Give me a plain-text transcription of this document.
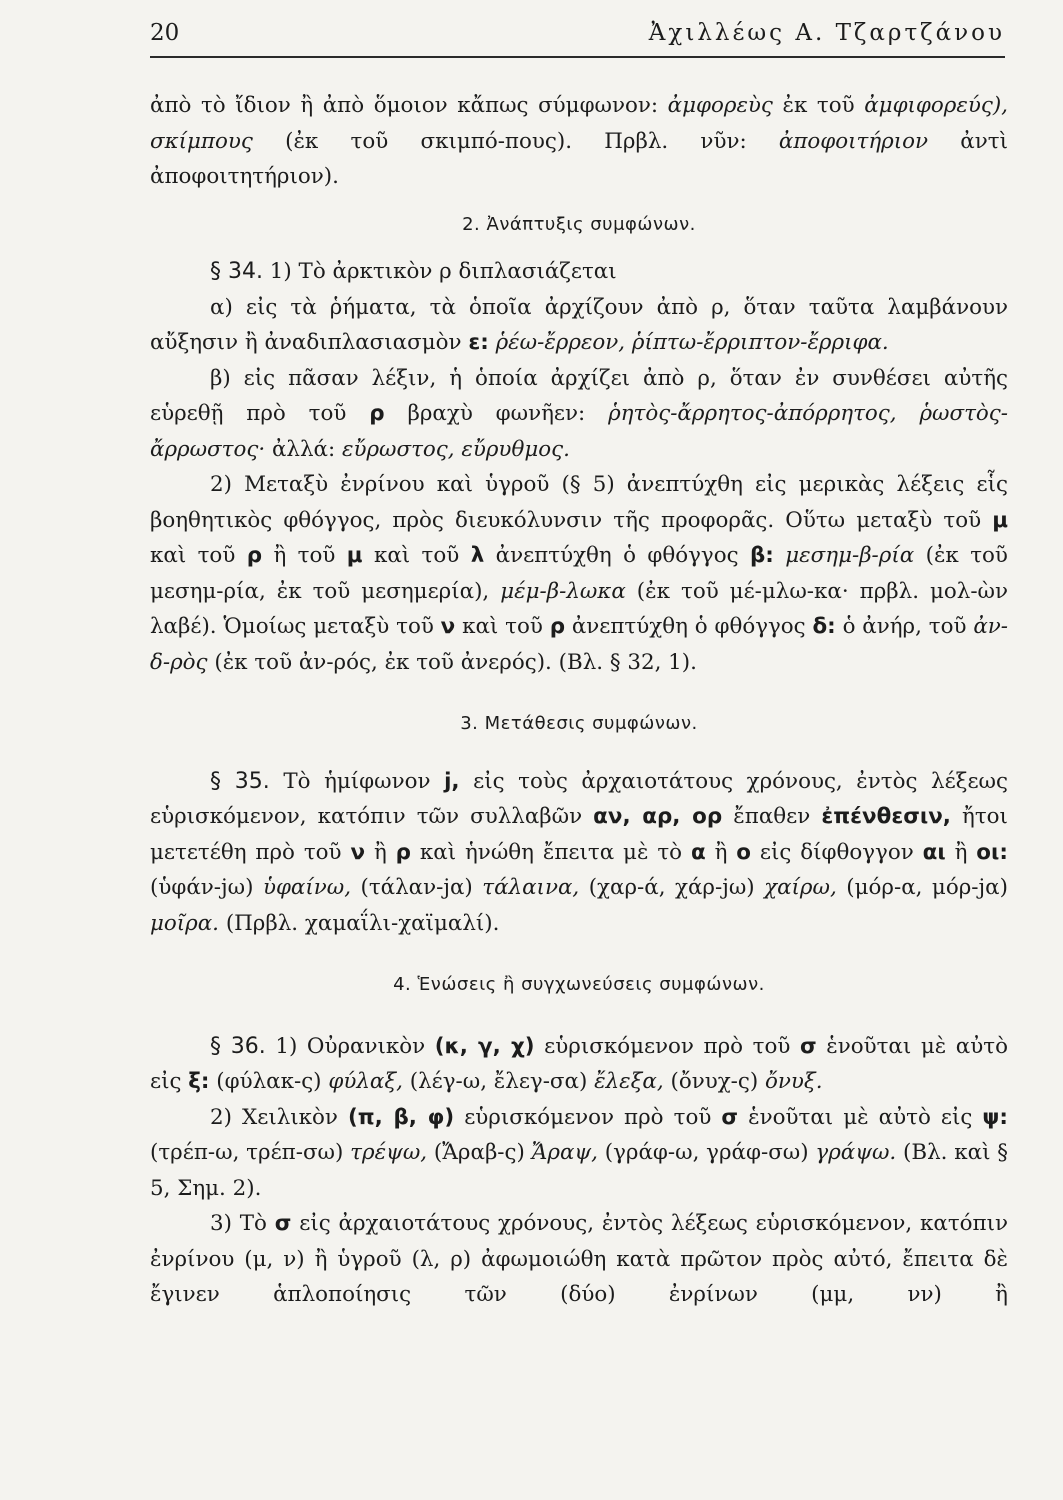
20	Ἀχιλλέως Α. Τζαρτζάνου

ἀπὸ τὸ ἴδιον ἢ ἀπὸ ὅμοιον κἄπως σύμφωνον: ἀμφορεὺς ἐκ τοῦ ἀμφιφορεύς), σκίμπους (ἐκ τοῦ σκιμπό-πους). Πρβλ. νῦν: ἀποφοιτήριον ἀντὶ ἀποφοιτητήριον).

2. Ἀνάπτυξις συμφώνων.

§ 34. 1) Τὸ ἀρκτικὸν ρ διπλασιάζεται

α) εἰς τὰ ῥήματα, τὰ ὁποῖα ἀρχίζουν ἀπὸ ρ, ὅταν ταῦτα λαμβάνουν αὔξησιν ἢ ἀναδιπλασιασμὸν ε: ῥέω-ἔρρεον, ῥίπτω-ἔρριπτον-ἔρριφα.

β) εἰς πᾶσαν λέξιν, ἡ ὁποία ἀρχίζει ἀπὸ ρ, ὅταν ἐν συνθέσει αὐτῆς εὑρεθῇ πρὸ τοῦ ρ βραχὺ φωνῆεν: ῥητὸς-ἄρρητος-ἀπόρρητος, ῥωστὸς-ἄρρωστος· ἀλλά: εὔρωστος, εὔρυθμος.

2) Μεταξὺ ἐνρίνου καὶ ὑγροῦ (§ 5) ἀνεπτύχθη εἰς μερικὰς λέξεις εἷς βοηθητικὸς φθόγγος, πρὸς διευκόλυνσιν τῆς προφορᾶς. Οὕτω μεταξὺ τοῦ μ καὶ τοῦ ρ ἢ τοῦ μ καὶ τοῦ λ ἀνεπτύχθη ὁ φθόγγος β: μεσημ-β-ρία (ἐκ τοῦ μεσημ-ρία, ἐκ τοῦ μεσημερία), μέμ-β-λωκα (ἐκ τοῦ μέ-μλω-κα· πρβλ. μολ-ὼν λαβέ). Ὁμοίως μεταξὺ τοῦ ν καὶ τοῦ ρ ἀνεπτύχθη ὁ φθόγγος δ: ὁ ἀνήρ, τοῦ ἀν-δ-ρὸς (ἐκ τοῦ ἀν-ρός, ἐκ τοῦ ἀνερός). (Βλ. § 32, 1).

3. Μετάθεσις συμφώνων.

§ 35. Τὸ ἡμίφωνον j, εἰς τοὺς ἀρχαιοτάτους χρόνους, ἐντὸς λέξεως εὑρισκόμενον, κατόπιν τῶν συλλαβῶν αν, αρ, ορ ἔπαθεν ἐπένθεσιν, ἤτοι μετετέθη πρὸ τοῦ ν ἢ ρ καὶ ἡνώθη ἔπειτα μὲ τὸ α ἢ ο εἰς δίφθογγον αι ἢ οι: (ὑφάν-jω) ὑφαίνω, (τάλαν-jα) τάλαινα, (χαρ-ά, χάρ-jω) χαίρω, (μόρ-α, μόρ-jα) μοῖρα. (Πρβλ. χαμαΐλι-χαϊμαλί).

4. Ἑνώσεις ἢ συγχωνεύσεις συμφώνων.

§ 36. 1) Οὐρανικὸν (κ, γ, χ) εὑρισκόμενον πρὸ τοῦ σ ἑνοῦται μὲ αὐτὸ εἰς ξ: (φύλακ-ς) φύλαξ, (λέγ-ω, ἔλεγ-σα) ἔλεξα, (ὄνυχ-ς) ὄνυξ.

2) Χειλικὸν (π, β, φ) εὑρισκόμενον πρὸ τοῦ σ ἑνοῦται μὲ αὐτὸ εἰς ψ: (τρέπ-ω, τρέπ-σω) τρέψω, (Ἄραβ-ς) Ἄραψ, (γράφ-ω, γράφ-σω) γράψω. (Βλ. καὶ § 5, Σημ. 2).

3) Τὸ σ εἰς ἀρχαιοτάτους χρόνους, ἐντὸς λέξεως εὑρισκόμενον, κατόπιν ἐνρίνου (μ, ν) ἢ ὑγροῦ (λ, ρ) ἀφωμοιώθη κατὰ πρῶτον πρὸς αὐτό, ἔπειτα δὲ ἔγινεν ἁπλοποίησις τῶν (δύο) ἐνρίνων (μμ, νν) ἢ
